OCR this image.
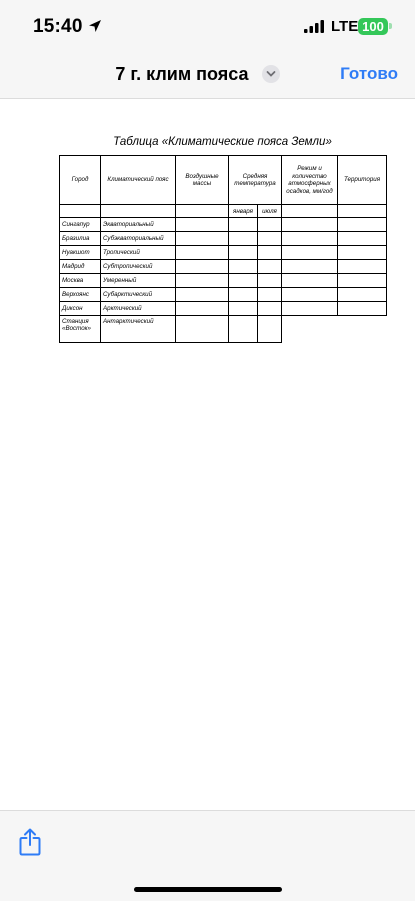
15:40	LTE 100
7 г. клим пояса	Готово
Таблица «Климатические пояса Земли»
Город	Климатический пояс	Воздушные массы	Средняя температура		Режим и количество атмосферных осадков, мм/год	Территория
			января	июля		
Сингапур	Экваториальный					
Бразилиа	Субэкваториальный					
Нуакшот	Тропический					
Мадрид	Субтропический					
Москва	Умеренный					
Верхоянс	Субарктический					
Диксон	Арктический					
Станция «Восток»	Антарктический					
